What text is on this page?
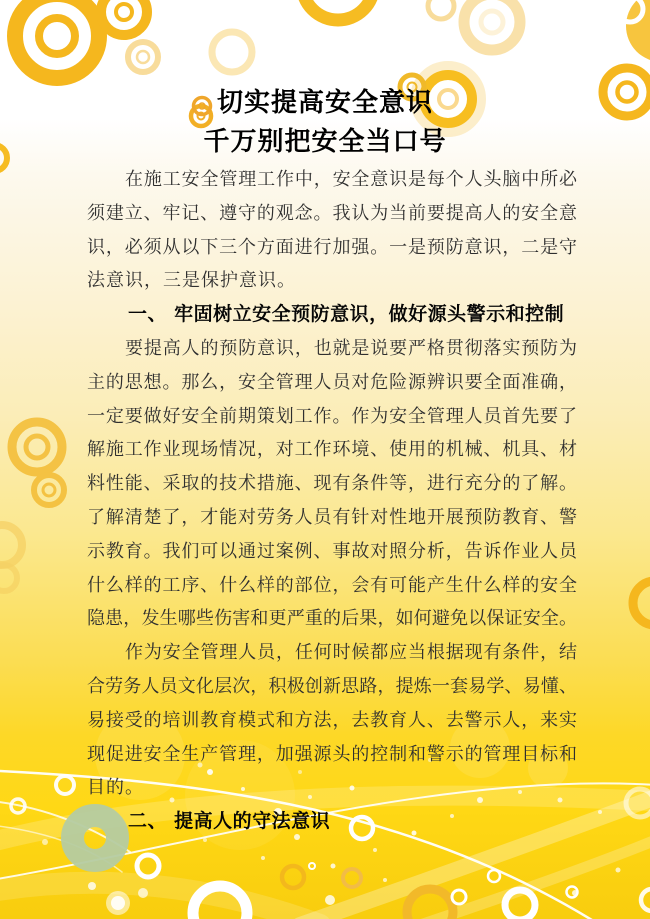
切实提高安全意识
千万别把安全当口号
在施工安全管理工作中，安全意识是每个人头脑中所必
须建立、牢记、遵守的观念。我认为当前要提高人的安全意
识，必须从以下三个方面进行加强。一是预防意识，二是守
法意识，三是保护意识。
一、 牢固树立安全预防意识，做好源头警示和控制
要提高人的预防意识，也就是说要严格贯彻落实预防为
主的思想。那么，安全管理人员对危险源辨识要全面准确，
一定要做好安全前期策划工作。作为安全管理人员首先要了
解施工作业现场情况，对工作环境、使用的机械、机具、材
料性能、采取的技术措施、现有条件等，进行充分的了解。
了解清楚了，才能对劳务人员有针对性地开展预防教育、警
示教育。我们可以通过案例、事故对照分析，告诉作业人员
什么样的工序、什么样的部位，会有可能产生什么样的安全
隐患，发生哪些伤害和更严重的后果，如何避免以保证安全。
作为安全管理人员，任何时候都应当根据现有条件，结
合劳务人员文化层次，积极创新思路，提炼一套易学、易懂、
易接受的培训教育模式和方法，去教育人、去警示人，来实
现促进安全生产管理，加强源头的控制和警示的管理目标和
目的。
二、 提高人的守法意识
